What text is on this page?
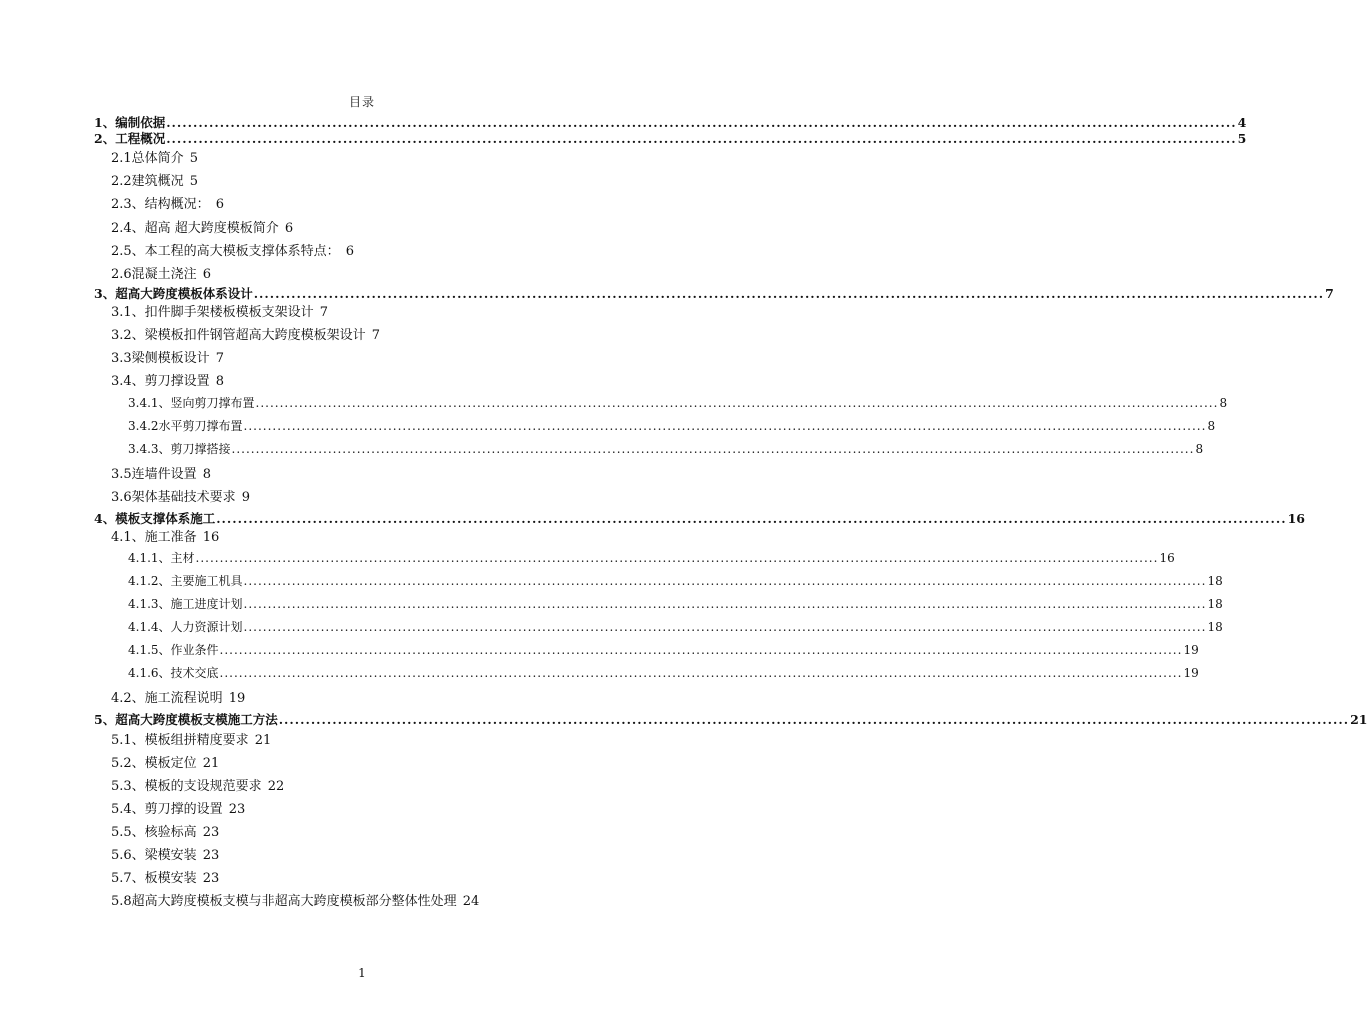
目录
1、编制依据 ........................................................................................................................................................................................................ 4
2、工程概况 ........................................................................................................................................................................................................ 5
2.1总体简介 5
2.2建筑概况 5
2.3、结构概况： 6
2.4、超高 超大跨度模板简介 6
2.5、本工程的高大模板支撑体系特点： 6
2.6混凝土浇注 6
3、超高大跨度模板体系设计 ........................................................................................................................................................................................................ 7
3.1、扣件脚手架楼板模板支架设计 7
3.2、梁模板扣件钢管超高大跨度模板架设计 7
3.3梁侧模板设计 7
3.4、剪刀撑设置 8
3.4.1、竖向剪刀撑布置 ........................................................................................................................................................................................................ 8
3.4.2水平剪刀撑布置 ........................................................................................................................................................................................................ 8
3.4.3、剪刀撑搭接 ........................................................................................................................................................................................................ 8
3.5连墙件设置 8
3.6架体基础技术要求 9
4、模板支撑体系施工 ........................................................................................................................................................................................................ 16
4.1、施工准备 16
4.1.1、主材 ........................................................................................................................................................................................................ 16
4.1.2、主要施工机具 ........................................................................................................................................................................................................ 18
4.1.3、施工进度计划 ........................................................................................................................................................................................................ 18
4.1.4、人力资源计划 ........................................................................................................................................................................................................ 18
4.1.5、作业条件 ........................................................................................................................................................................................................ 19
4.1.6、技术交底 ........................................................................................................................................................................................................ 19
4.2、施工流程说明 19
5、超高大跨度模板支模施工方法 ........................................................................................................................................................................................................ 21
5.1、模板组拼精度要求 21
5.2、模板定位 21
5.3、模板的支设规范要求 22
5.4、剪刀撑的设置 23
5.5、核验标高 23
5.6、梁模安装 23
5.7、板模安装 23
5.8超高大跨度模板支模与非超高大跨度模板部分整体性处理 24
1
